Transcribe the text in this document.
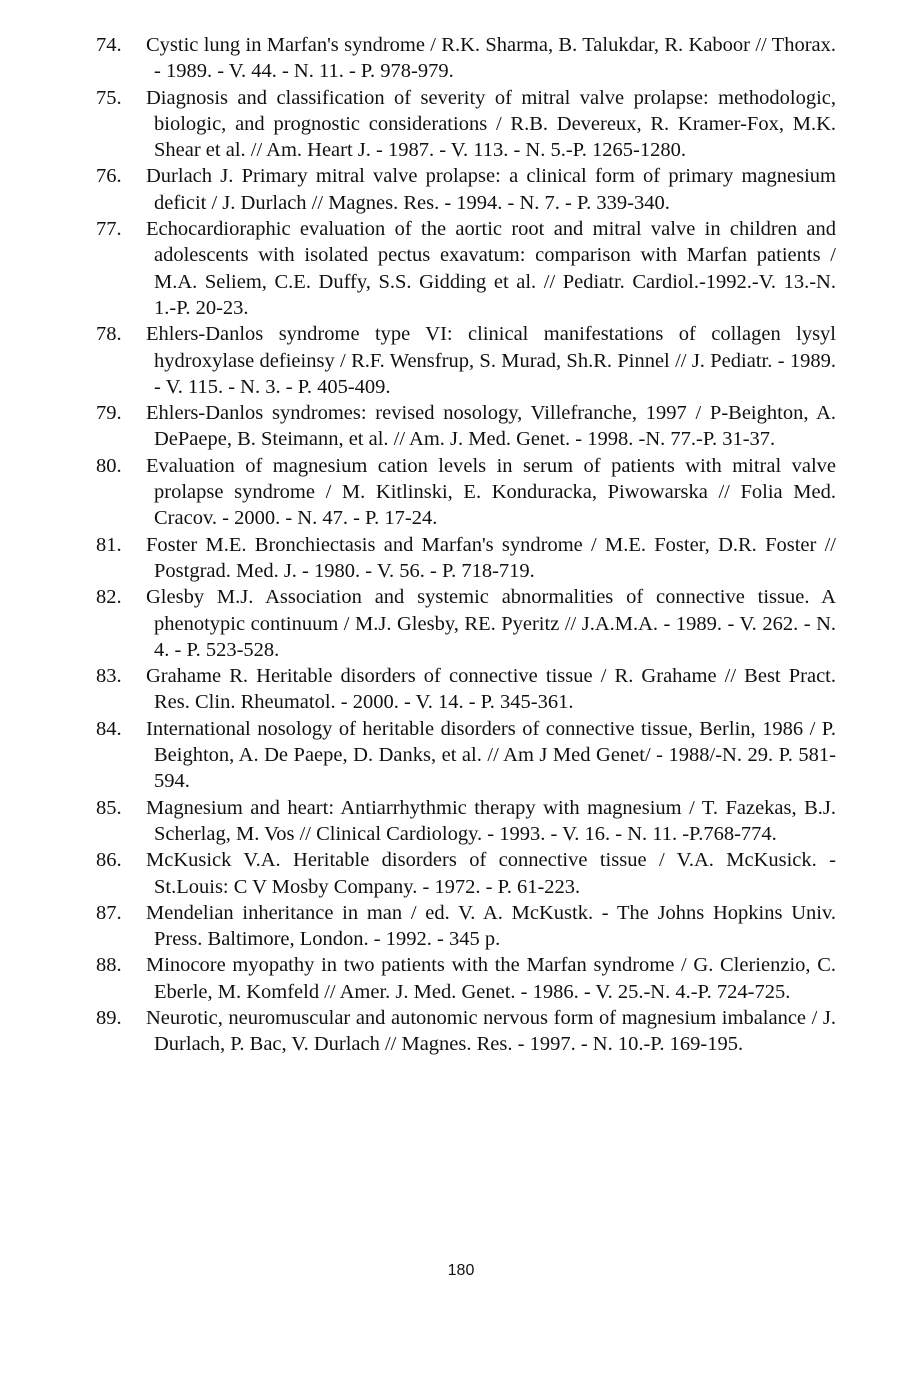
74. Cystic lung in Marfan's syndrome / R.K. Sharma, B. Talukdar, R. Kaboor // Thorax. - 1989. - V. 44. - N. 11. - P. 978-979.
75. Diagnosis and classification of severity of mitral valve prolapse: methodologic, biologic, and prognostic considerations / R.B. Devereux, R. Kramer-Fox, M.K. Shear et al. // Am. Heart J. - 1987. - V. 113. - N. 5.-P. 1265-1280.
76. Durlach J. Primary mitral valve prolapse: a clinical form of primary magnesium deficit / J. Durlach // Magnes. Res. - 1994. - N. 7. - P. 339-340.
77. Echocardioraphic evaluation of the aortic root and mitral valve in children and adolescents with isolated pectus exavatum: comparison with Marfan patients / M.A. Seliem, C.E. Duffy, S.S. Gidding et al. // Pediatr. Cardiol.-1992.-V. 13.-N. 1.-P. 20-23.
78. Ehlers-Danlos syndrome type VI: clinical manifestations of collagen lysyl hydroxylase defieinsy / R.F. Wensfrup, S. Murad, Sh.R. Pinnel // J. Pediatr. - 1989. - V. 115. - N. 3. - P. 405-409.
79. Ehlers-Danlos syndromes: revised nosology, Villefranche, 1997 / P-Beighton, A. DePaepe, B. Steimann, et al. // Am. J. Med. Genet. - 1998. -N. 77.-P. 31-37.
80. Evaluation of magnesium cation levels in serum of patients with mitral valve prolapse syndrome / M. Kitlinski, E. Konduracka, Piwowarska // Folia Med. Cracov. - 2000. - N. 47. - P. 17-24.
81. Foster M.E. Bronchiectasis and Marfan's syndrome / M.E. Foster, D.R. Foster // Postgrad. Med. J. - 1980. - V. 56. - P. 718-719.
82. Glesby M.J. Association and systemic abnormalities of connective tissue. A phenotypic continuum / M.J. Glesby, RE. Pyeritz // J.A.M.A. - 1989. - V. 262. - N. 4. - P. 523-528.
83. Grahame R. Heritable disorders of connective tissue / R. Grahame // Best Pract. Res. Clin. Rheumatol. - 2000. - V. 14. - P. 345-361.
84. International nosology of heritable disorders of connective tissue, Berlin, 1986 / P. Beighton, A. De Paepe, D. Danks, et al. // Am J Med Genet/ - 1988/-N. 29. P. 581-594.
85. Magnesium and heart: Antiarrhythmic therapy with magnesium / T. Fazekas, B.J. Scherlag, M. Vos // Clinical Cardiology. - 1993. - V. 16. - N. 11. -P.768-774.
86. McKusick V.A. Heritable disorders of connective tissue / V.A. McKusick. - St.Louis: C V Mosby Company. - 1972. - P. 61-223.
87. Mendelian inheritance in man / ed. V. A. McKustk. - The Johns Hopkins Univ. Press. Baltimore, London. - 1992. - 345 p.
88. Minocore myopathy in two patients with the Marfan syndrome / G. Clerienzio, C. Eberle, M. Komfeld // Amer. J. Med. Genet. - 1986. - V. 25.-N. 4.-P. 724-725.
89. Neurotic, neuromuscular and autonomic nervous form of magnesium imbalance / J. Durlach, P. Bac, V. Durlach // Magnes. Res. - 1997. - N. 10.-P. 169-195.
180
